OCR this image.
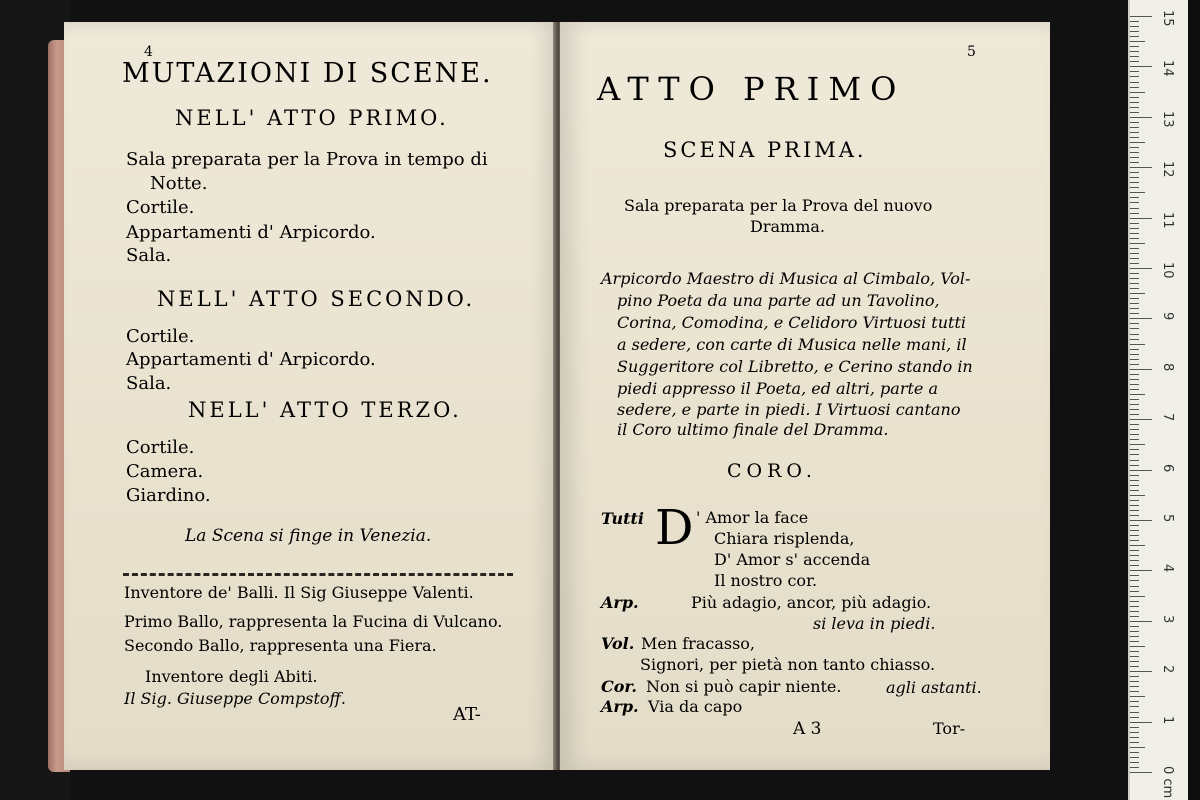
4
MUTAZIONI DI SCENE.
NELL' ATTO PRIMO.
Sala preparata per la Prova in tempo di
Notte.
Cortile.
Appartamenti d' Arpicordo.
Sala.
NELL' ATTO SECONDO.
Cortile.
Appartamenti d' Arpicordo.
Sala.
NELL' ATTO TERZO.
Cortile.
Camera.
Giardino.
La Scena si finge in Venezia.
Inventore de' Balli. Il Sig Giuseppe Valenti.
Primo Ballo, rappresenta la Fucina di Vulcano.
Secondo Ballo, rappresenta una Fiera.
Inventore degli Abiti.
Il Sig. Giuseppe Compstoff.
AT-
5
ATTO PRIMO
SCENA PRIMA.
Sala preparata per la Prova del nuovo
Dramma.
Arpicordo Maestro di Musica al Cimbalo, Vol-
pino Poeta da una parte ad un Tavolino,
Corina, Comodina, e Celidoro Virtuosi tutti
a sedere, con carte di Musica nelle mani, il
Suggeritore col Libretto, e Cerino stando in
piedi appresso il Poeta, ed altri, parte a
sedere, e parte in piedi. I Virtuosi cantano
il Coro ultimo finale del Dramma.
CORO.
Tutti D ' Amor la face
Chiara risplenda,
D' Amor s' accenda
Il nostro cor.
Arp.	Più adagio, ancor, più adagio.
si leva in piedi.
Vol. Men fracasso,
Signori, per pietà non tanto chiasso.
Cor. Non si può capir niente.	agli astanti.
Arp. Via da capo
A 3	Tor-
0 cm
1
2
3
4
5
6
7
8
9
10
11
12
13
14
15
